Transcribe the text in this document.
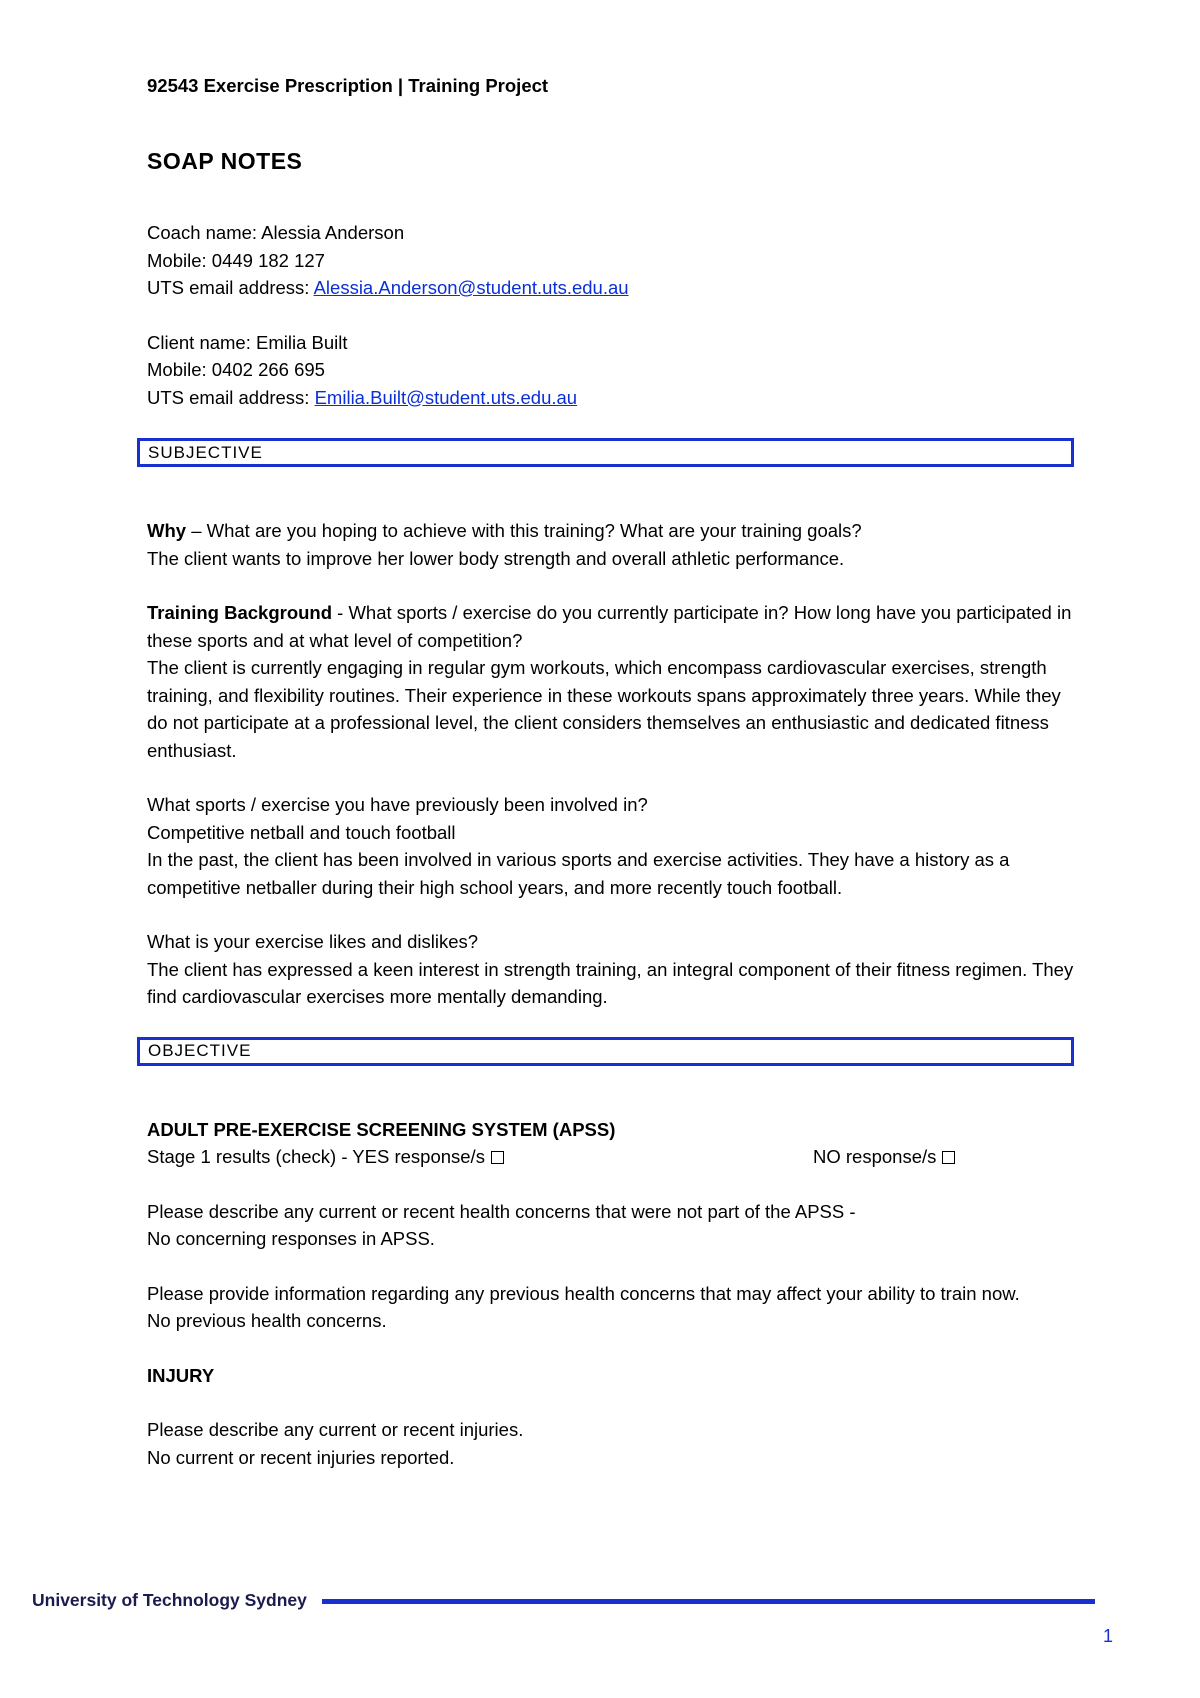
92543 Exercise Prescription | Training Project

SOAP NOTES
Coach name: Alessia Anderson
Mobile: 0449 182 127
UTS email address: Alessia.Anderson@student.uts.edu.au
Client name: Emilia Built
Mobile: 0402 266 695
UTS email address: Emilia.Built@student.uts.edu.au
SUBJECTIVE

Why – What are you hoping to achieve with this training? What are your training goals?

The client wants to improve her lower body strength and overall athletic performance.

Training Background - What sports / exercise do you currently participate in? How long have you participated in these sports and at what level of competition?

The client is currently engaging in regular gym workouts, which encompass cardiovascular exercises, strength training, and flexibility routines. Their experience in these workouts spans approximately three years. While they do not participate at a professional level, the client considers themselves an enthusiastic and dedicated fitness enthusiast.

What sports / exercise you have previously been involved in?

Competitive netball and touch football

In the past, the client has been involved in various sports and exercise activities. They have a history as a competitive netballer during their high school years, and more recently touch football.

What is your exercise likes and dislikes?

The client has expressed a keen interest in strength training, an integral component of their fitness regimen. They find cardiovascular exercises more mentally demanding.

OBJECTIVE

ADULT PRE-EXERCISE SCREENING SYSTEM (APSS)

Stage 1 results (check) - YES response/s	NO response/s

Please describe any current or recent health concerns that were not part of the APSS -

No concerning responses in APSS.

Please provide information regarding any previous health concerns that may affect your ability to train now.

No previous health concerns.

INJURY

Please describe any current or recent injuries.

No current or recent injuries reported.

University of Technology Sydney
1
